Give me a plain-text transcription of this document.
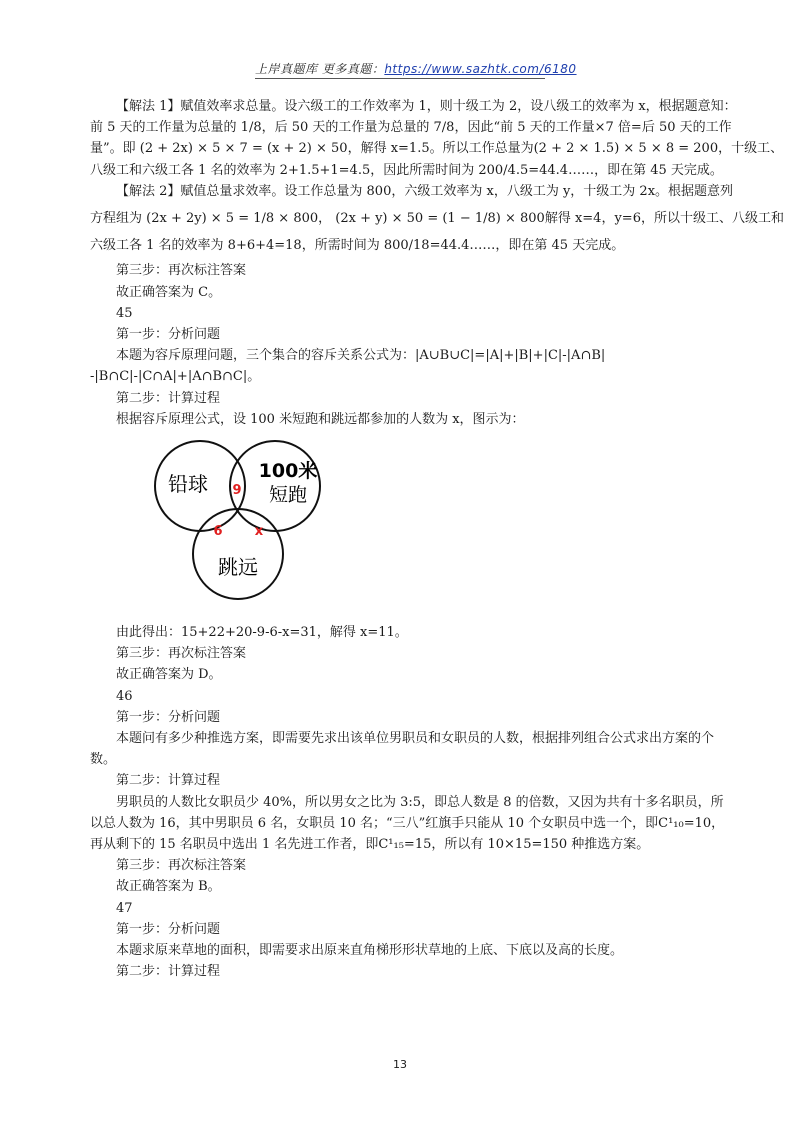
上岸真题库 更多真题：https://www.sazhtk.com/6180

【解法 1】赋值效率求总量。设六级工的工作效率为 1，则十级工为 2，设八级工的效率为 x，根据题意知：

前 5 天的工作量为总量的 1/8，后 50 天的工作量为总量的 7/8，因此“前 5 天的工作量×7 倍=后 50 天的工作

量”。即 (2 + 2x) × 5 × 7 = (x + 2) × 50，解得 x=1.5。所以工作总量为(2 + 2 × 1.5) × 5 × 8 = 200，十级工、

八级工和六级工各 1 名的效率为 2+1.5+1=4.5，因此所需时间为 200/4.5=44.4……，即在第 45 天完成。

【解法 2】赋值总量求效率。设工作总量为 800，六级工效率为 x，八级工为 y，十级工为 2x。根据题意列

方程组为 (2x + 2y) × 5 = 1/8 × 800， (2x + y) × 50 = (1 − 1/8) × 800解得 x=4，y=6，所以十级工、八级工和

六级工各 1 名的效率为 8+6+4=18，所需时间为 800/18=44.4……，即在第 45 天完成。

第三步：再次标注答案

故正确答案为 C。

45

第一步：分析问题

本题为容斥原理问题，三个集合的容斥关系公式为：|A∪B∪C|=|A|+|B|+|C|-|A∩B|

-|B∩C|-|C∩A|+|A∩B∩C|。

第二步：计算过程

根据容斥原理公式，设 100 米短跑和跳远都参加的人数为 x，图示为：

铅球
100米
短跑
跳远
9
6 x

由此得出：15+22+20-9-6-x=31，解得 x=11。

第三步：再次标注答案

故正确答案为 D。

46

第一步：分析问题

本题问有多少种推选方案，即需要先求出该单位男职员和女职员的人数，根据排列组合公式求出方案的个

数。

第二步：计算过程

男职员的人数比女职员少 40%，所以男女之比为 3:5，即总人数是 8 的倍数，又因为共有十多名职员，所

以总人数为 16，其中男职员 6 名，女职员 10 名；“三八”红旗手只能从 10 个女职员中选一个，即C¹₁₀=10，

再从剩下的 15 名职员中选出 1 名先进工作者，即C¹₁₅=15，所以有 10×15=150 种推选方案。

第三步：再次标注答案

故正确答案为 B。

47

第一步：分析问题

本题求原来草地的面积，即需要求出原来直角梯形形状草地的上底、下底以及高的长度。

第二步：计算过程

13
